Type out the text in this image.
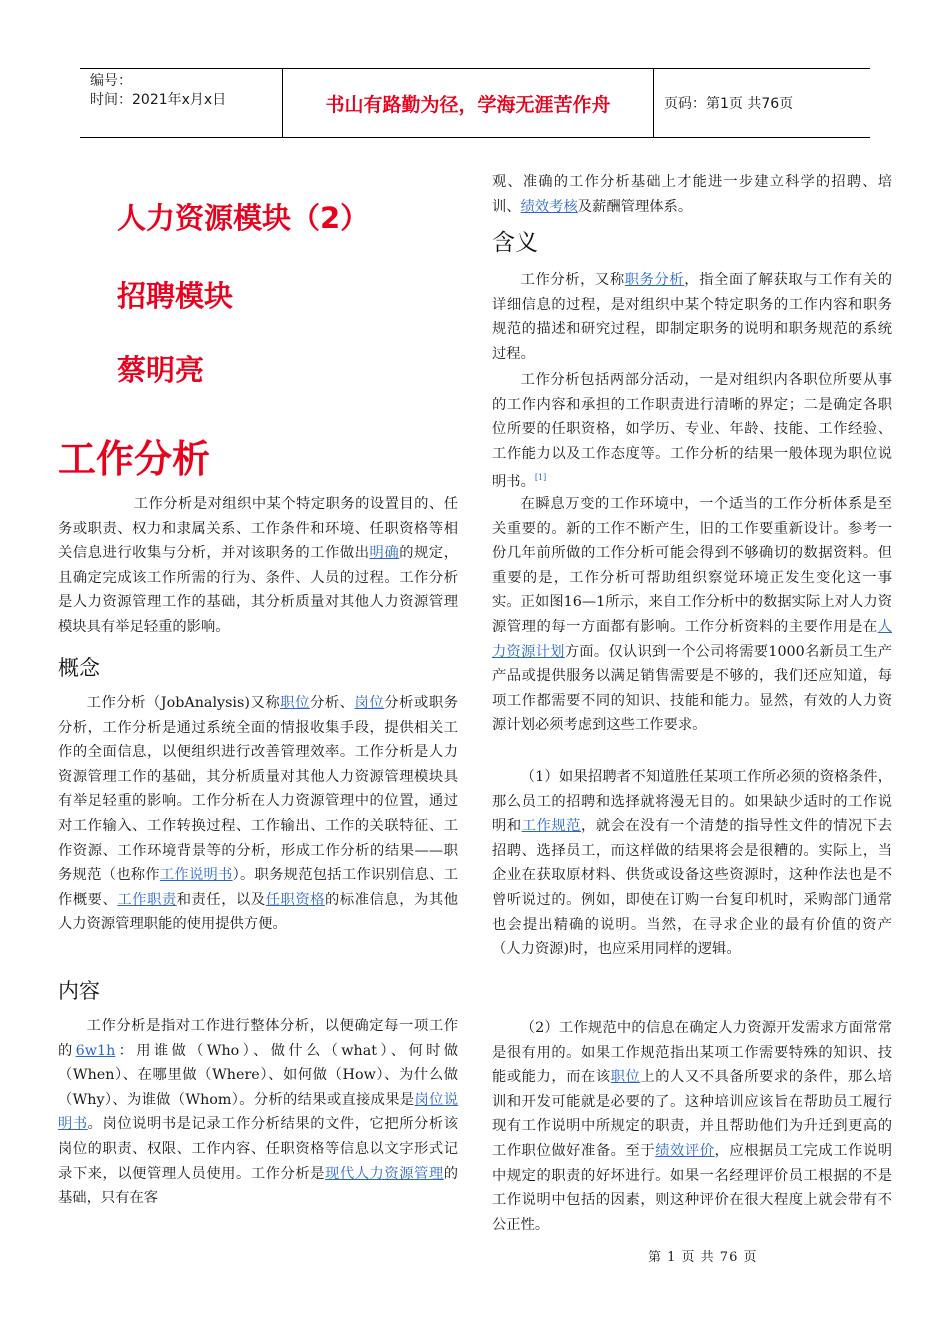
编号：
时间：2021年x月x日	书山有路勤为径，学海无涯苦作舟	页码：第1页 共76页
人力资源模块（2）
招聘模块
蔡明亮
工作分析

工作分析是对组织中某个特定职务的设置目的、任务或职责、权力和隶属关系、工作条件和环境、任职资格等相关信息进行收集与分析，并对该职务的工作做出明确的规定，且确定完成该工作所需的行为、条件、人员的过程。工作分析是人力资源管理工作的基础，其分析质量对其他人力资源管理模块具有举足轻重的影响。

概念

工作分析（JobAnalysis)又称职位分析、岗位分析或职务分析，工作分析是通过系统全面的情报收集手段，提供相关工作的全面信息，以便组织进行改善管理效率。工作分析是人力资源管理工作的基础，其分析质量对其他人力资源管理模块具有举足轻重的影响。工作分析在人力资源管理中的位置，通过对工作输入、工作转换过程、工作输出、工作的关联特征、工作资源、工作环境背景等的分析，形成工作分析的结果——职务规范（也称作工作说明书）。职务规范包括工作识别信息、工作概要、工作职责和责任，以及任职资格的标准信息，为其他人力资源管理职能的使用提供方便。

内容

工作分析是指对工作进行整体分析，以便确定每一项工作的6w1h：用谁做（Who）、做什么（what）、何时做（When）、在哪里做（Where）、如何做（How）、为什么做（Why）、为谁做（Whom）。分析的结果或直接成果是岗位说明书。岗位说明书是记录工作分析结果的文件，它把所分析该岗位的职责、权限、工作内容、任职资格等信息以文字形式记录下来，以便管理人员使用。工作分析是现代人力资源管理的基础，只有在客

观、准确的工作分析基础上才能进一步建立科学的招聘、培训、绩效考核及薪酬管理体系。

含义

工作分析，又称职务分析，指全面了解获取与工作有关的详细信息的过程，是对组织中某个特定职务的工作内容和职务规范的描述和研究过程，即制定职务的说明和职务规范的系统过程。

工作分析包括两部分活动，一是对组织内各职位所要从事的工作内容和承担的工作职责进行清晰的界定；二是确定各职位所要的任职资格，如学历、专业、年龄、技能、工作经验、工作能力以及工作态度等。工作分析的结果一般体现为职位说明书。[1]

在瞬息万变的工作环境中，一个适当的工作分析体系是至关重要的。新的工作不断产生，旧的工作要重新设计。参考一份几年前所做的工作分析可能会得到不够确切的数据资料。但重要的是，工作分析可帮助组织察觉环境正发生变化这一事实。正如图16—1所示，来自工作分析中的数据实际上对人力资源管理的每一方面都有影响。工作分析资料的主要作用是在人力资源计划方面。仅认识到一个公司将需要1000名新员工生产产品或提供服务以满足销售需要是不够的，我们还应知道，每项工作都需要不同的知识、技能和能力。显然，有效的人力资源计划必须考虑到这些工作要求。

（1）如果招聘者不知道胜任某项工作所必须的资格条件，那么员工的招聘和选择就将漫无目的。如果缺少适时的工作说明和工作规范，就会在没有一个清楚的指导性文件的情况下去招聘、选择员工，而这样做的结果将会是很糟的。实际上，当企业在获取原材料、供货或设备这些资源时，这种作法也是不曾听说过的。例如，即使在订购一台复印机时，采购部门通常也会提出精确的说明。当然，在寻求企业的最有价值的资产（人力资源)时，也应采用同样的逻辑。

（2）工作规范中的信息在确定人力资源开发需求方面常常是很有用的。如果工作规范指出某项工作需要特殊的知识、技能或能力，而在该职位上的人又不具备所要求的条件，那么培训和开发可能就是必要的了。这种培训应该旨在帮助员工履行现有工作说明中所规定的职责，并且帮助他们为升迁到更高的工作职位做好准备。至于绩效评价，应根据员工完成工作说明中规定的职责的好坏进行。如果一名经理评价员工根据的不是工作说明中包括的因素，则这种评价在很大程度上就会带有不公正性。

第 1 页 共 76 页
